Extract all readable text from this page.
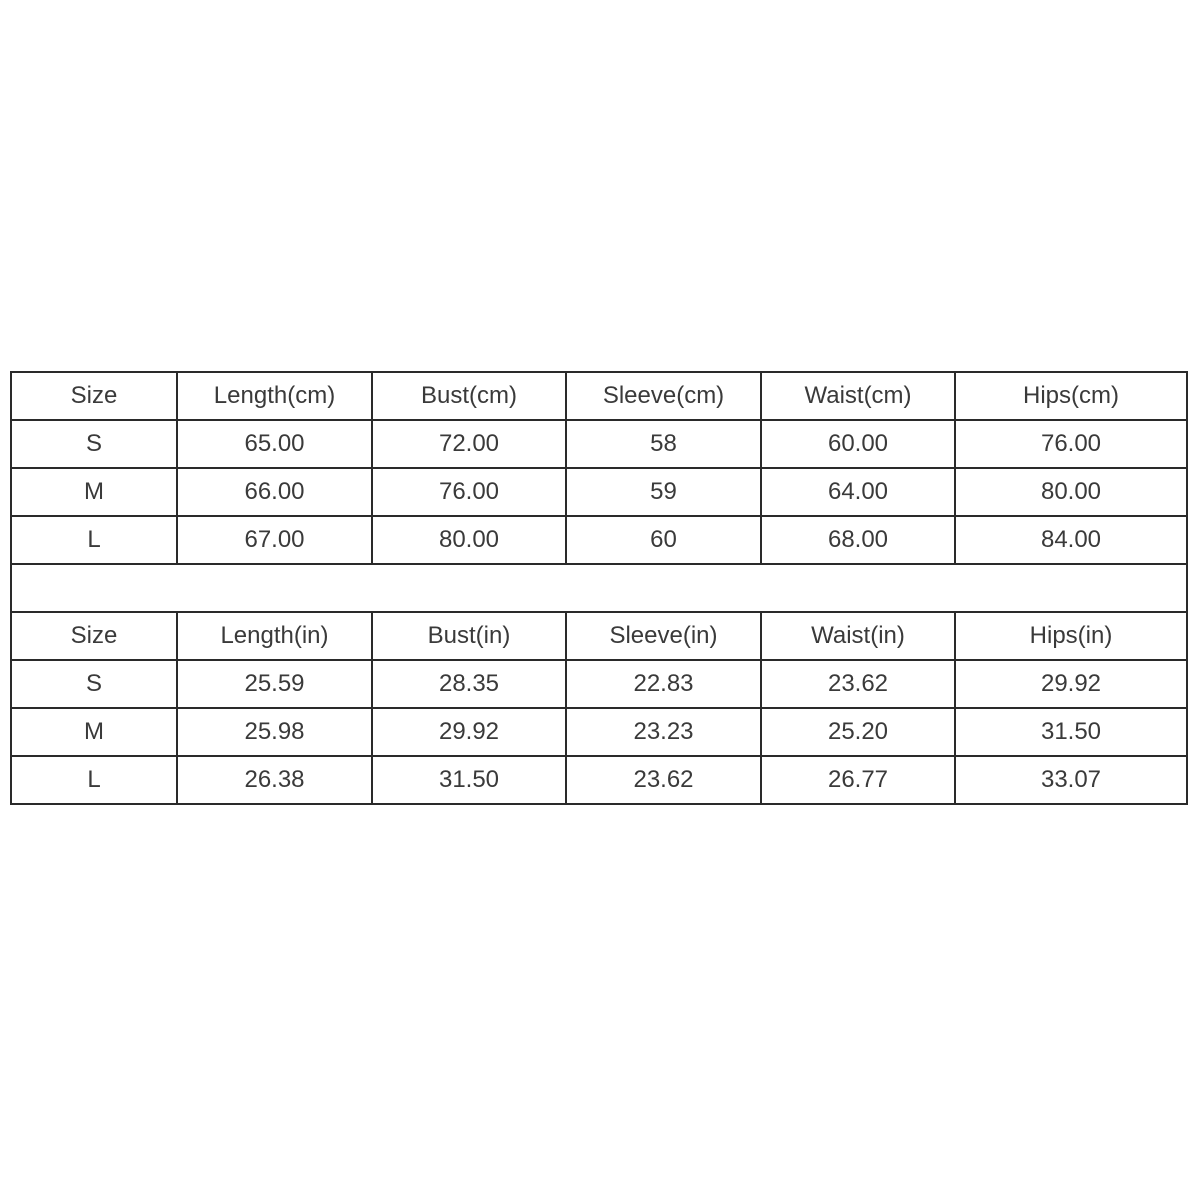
Size	Length(cm)	Bust(cm)	Sleeve(cm)	Waist(cm)	Hips(cm)
S	65.00	72.00	58	60.00	76.00
M	66.00	76.00	59	64.00	80.00
L	67.00	80.00	60	68.00	84.00

Size	Length(in)	Bust(in)	Sleeve(in)	Waist(in)	Hips(in)
S	25.59	28.35	22.83	23.62	29.92
M	25.98	29.92	23.23	25.20	31.50
L	26.38	31.50	23.62	26.77	33.07
